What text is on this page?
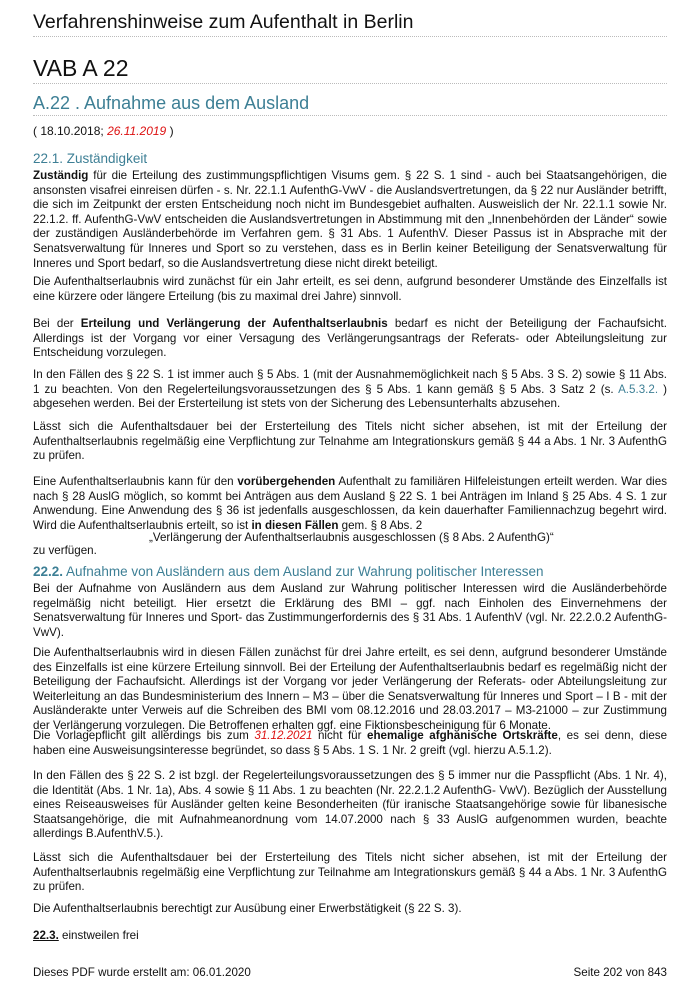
Verfahrenshinweise zum Aufenthalt in Berlin
VAB A 22
A.22 . Aufnahme aus dem Ausland
( 18.10.2018; 26.11.2019 )
22.1. Zuständigkeit

Zuständig für die Erteilung des zustimmungspflichtigen Visums gem. § 22 S. 1 sind - auch bei Staatsangehörigen, die ansonsten visafrei einreisen dürfen - s. Nr. 22.1.1 AufenthG-VwV - die Auslandsvertretungen, da § 22 nur Ausländer betrifft, die sich im Zeitpunkt der ersten Entscheidung noch nicht im Bundesgebiet aufhalten. Ausweislich der Nr. 22.1.1 sowie Nr. 22.1.2. ff. AufenthG-VwV entscheiden die Auslandsvertretungen in Abstimmung mit den „Innenbehörden der Länder“ sowie der zuständigen Ausländerbehörde im Verfahren gem. § 31 Abs. 1 AufenthV. Dieser Passus ist in Absprache mit der Senatsverwaltung für Inneres und Sport so zu verstehen, dass es in Berlin keiner Beteiligung der Senatsverwaltung für Inneres und Sport bedarf, so die Auslandsvertretung diese nicht direkt beteiligt.

Die Aufenthaltserlaubnis wird zunächst für ein Jahr erteilt, es sei denn, aufgrund besonderer Umstände des Einzelfalls ist eine kürzere oder längere Erteilung (bis zu maximal drei Jahre) sinnvoll.

Bei der Erteilung und Verlängerung der Aufenthaltserlaubnis bedarf es nicht der Beteiligung der Fachaufsicht. Allerdings ist der Vorgang vor einer Versagung des Verlängerungsantrags der Referats- oder Abteilungsleitung zur Entscheidung vorzulegen.

In den Fällen des § 22 S. 1 ist immer auch § 5 Abs. 1 (mit der Ausnahmemöglichkeit nach § 5 Abs. 3 S. 2) sowie § 11 Abs. 1 zu beachten. Von den Regelerteilungsvoraussetzungen des § 5 Abs. 1 kann gemäß § 5 Abs. 3 Satz 2 (s. A.5.3.2. ) abgesehen werden. Bei der Ersterteilung ist stets von der Sicherung des Lebensunterhalts abzusehen.

Lässt sich die Aufenthaltsdauer bei der Ersterteilung des Titels nicht sicher absehen, ist mit der Erteilung der Aufenthaltserlaubnis regelmäßig eine Verpflichtung zur Telnahme am Integrationskurs gemäß § 44 a Abs. 1 Nr. 3 AufenthG zu prüfen.

Eine Aufenthaltserlaubnis kann für den vorübergehenden Aufenthalt zu familiären Hilfeleistungen erteilt werden. War dies nach § 28 AuslG möglich, so kommt bei Anträgen aus dem Ausland § 22 S. 1 bei Anträgen im Inland § 25 Abs. 4 S. 1 zur Anwendung. Eine Anwendung des § 36 ist jedenfalls ausgeschlossen, da kein dauerhafter Familiennachzug begehrt wird. Wird die Aufenthaltserlaubnis erteilt, so ist in diesen Fällen gem. § 8 Abs. 2

„Verlängerung der Aufenthaltserlaubnis ausgeschlossen (§ 8 Abs. 2 AufenthG)“

zu verfügen.

22.2. Aufnahme von Ausländern aus dem Ausland zur Wahrung politischer Interessen

Bei der Aufnahme von Ausländern aus dem Ausland zur Wahrung politischer Interessen wird die Ausländerbehörde regelmäßig nicht beteiligt. Hier ersetzt die Erklärung des BMI – ggf. nach Einholen des Einvernehmens der Senatsverwaltung für Inneres und Sport- das Zustimmungerfordernis des § 31 Abs. 1 AufenthV (vgl. Nr. 22.2.0.2 AufenthG-VwV).

Die Aufenthaltserlaubnis wird in diesen Fällen zunächst für drei Jahre erteilt, es sei denn, aufgrund besonderer Umstände des Einzelfalls ist eine kürzere Erteilung sinnvoll. Bei der Erteilung der Aufenthaltserlaubnis bedarf es regelmäßig nicht der Beteiligung der Fachaufsicht. Allerdings ist der Vorgang vor jeder Verlängerung der Referats- oder Abteilungsleitung zur Weiterleitung an das Bundesministerium des Innern – M3 – über die Senatsverwaltung für Inneres und Sport – I B - mit der Ausländerakte unter Verweis auf die Schreiben des BMI vom 08.12.2016 und 28.03.2017 – M3-21000 – zur Zustimmung der Verlängerung vorzulegen. Die Betroffenen erhalten ggf. eine Fiktionsbescheinigung für 6 Monate.

Die Vorlagepflicht gilt allerdings bis zum 31.12.2021 nicht für ehemalige afghanische Ortskräfte, es sei denn, diese haben eine Ausweisungsinteresse begründet, so dass § 5 Abs. 1 S. 1 Nr. 2 greift (vgl. hierzu A.5.1.2).

In den Fällen des § 22 S. 2 ist bzgl. der Regelerteilungsvoraussetzungen des § 5 immer nur die Passpflicht (Abs. 1 Nr. 4), die Identität (Abs. 1 Nr. 1a), Abs. 4 sowie § 11 Abs. 1 zu beachten (Nr. 22.2.1.2 AufenthG- VwV). Bezüglich der Ausstellung eines Reiseausweises für Ausländer gelten keine Besonderheiten (für iranische Staatsangehörige sowie für libanesische Staatsangehörige, die mit Aufnahmeanordnung vom 14.07.2000 nach § 33 AuslG aufgenommen wurden, beachte allerdings B.AufenthV.5.).

Lässt sich die Aufenthaltsdauer bei der Ersterteilung des Titels nicht sicher absehen, ist mit der Erteilung der Aufenthaltserlaubnis regelmäßig eine Verpflichtung zur Teilnahme am Integrationskurs gemäß § 44 a Abs. 1 Nr. 3 AufenthG zu prüfen.

Die Aufenthaltserlaubnis berechtigt zur Ausübung einer Erwerbstätigkeit (§ 22 S. 3).

22.3. einstweilen frei

Dieses PDF wurde erstellt am: 06.01.2020	Seite 202 von 843
